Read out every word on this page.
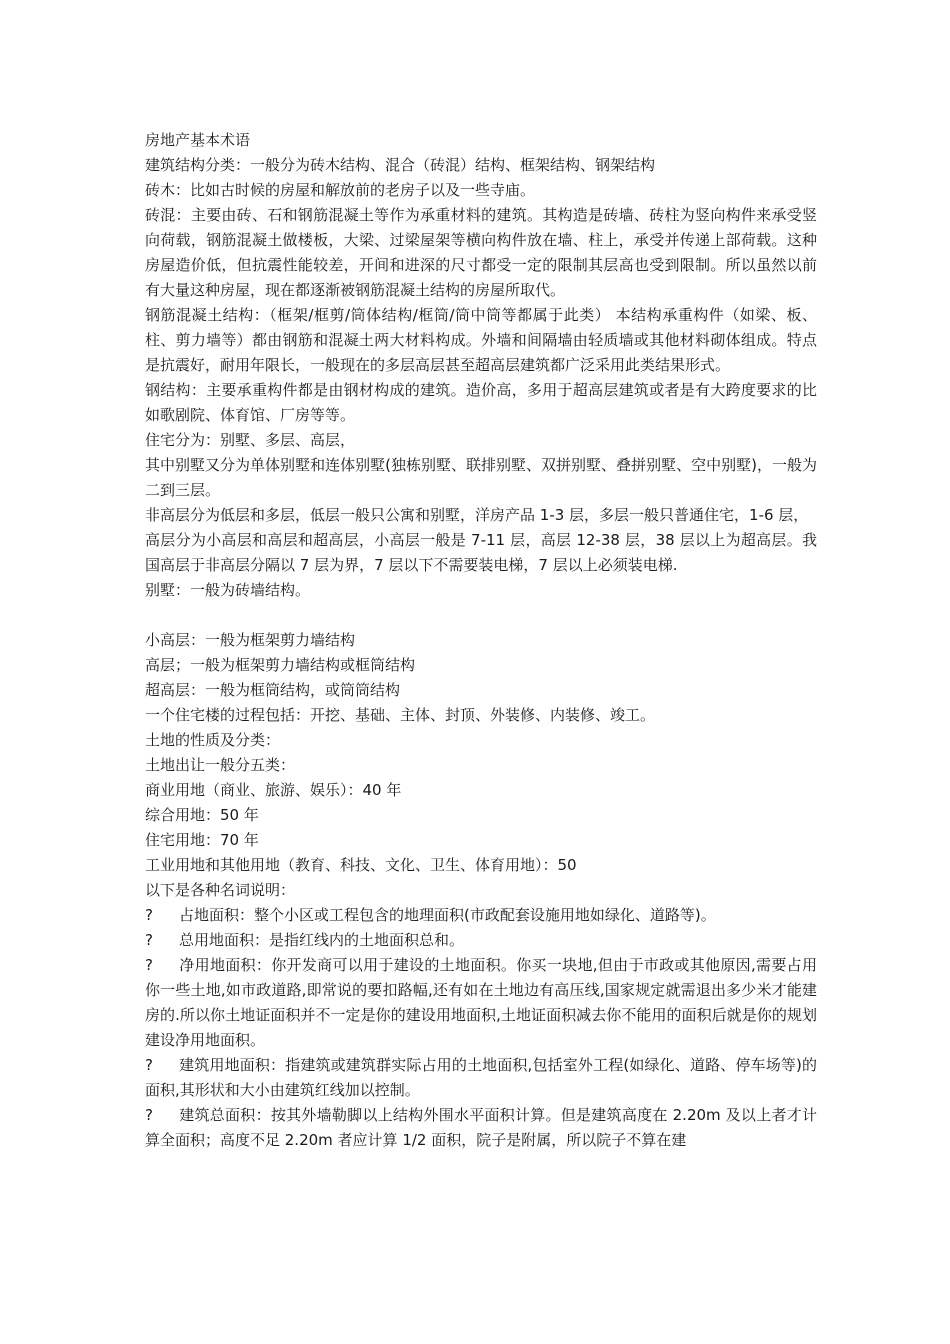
房地产基本术语

建筑结构分类：一般分为砖木结构、混合（砖混）结构、框架结构、钢架结构

砖木：比如古时候的房屋和解放前的老房子以及一些寺庙。

砖混：主要由砖、石和钢筋混凝土等作为承重材料的建筑。其构造是砖墙、砖柱为竖向构件来承受竖向荷载，钢筋混凝土做楼板，大梁、过梁屋架等横向构件放在墙、柱上，承受并传递上部荷载。这种房屋造价低，但抗震性能较差，开间和进深的尺寸都受一定的限制其层高也受到限制。所以虽然以前有大量这种房屋，现在都逐渐被钢筋混凝土结构的房屋所取代。

钢筋混凝土结构：（框架/框剪/筒体结构/框筒/筒中筒等都属于此类） 本结构承重构件（如梁、板、柱、剪力墙等）都由钢筋和混凝土两大材料构成。外墙和间隔墙由轻质墙或其他材料砌体组成。特点是抗震好，耐用年限长，一般现在的多层高层甚至超高层建筑都广泛采用此类结果形式。

钢结构：主要承重构件都是由钢材构成的建筑。造价高，多用于超高层建筑或者是有大跨度要求的比如歌剧院、体育馆、厂房等等。

住宅分为：别墅、多层、高层，

其中别墅又分为单体别墅和连体别墅(独栋别墅、联排别墅、双拼别墅、叠拼别墅、空中别墅)，一般为二到三层。

非高层分为低层和多层，低层一般只公寓和别墅，洋房产品 1-3 层，多层一般只普通住宅，1-6 层，

高层分为小高层和高层和超高层，小高层一般是 7-11 层，高层 12-38 层，38 层以上为超高层。我国高层于非高层分隔以 7 层为界，7 层以下不需要装电梯，7 层以上必须装电梯.

别墅：一般为砖墙结构。

小高层：一般为框架剪力墙结构

高层；一般为框架剪力墙结构或框筒结构

超高层：一般为框筒结构，或筒筒结构

一个住宅楼的过程包括：开挖、基础、主体、封顶、外装修、内装修、竣工。

土地的性质及分类：

土地出让一般分五类：

商业用地（商业、旅游、娱乐）：40 年

综合用地：50 年

住宅用地：70 年

工业用地和其他用地（教育、科技、文化、卫生、体育用地）：50

以下是各种名词说明：

? 占地面积：整个小区或工程包含的地理面积(市政配套设施用地如绿化、道路等)。

? 总用地面积：是指红线内的土地面积总和。

? 净用地面积：你开发商可以用于建设的土地面积。你买一块地,但由于市政或其他原因,需要占用你一些土地,如市政道路,即常说的要扣路幅,还有如在土地边有高压线,国家规定就需退出多少米才能建房的.所以你土地证面积并不一定是你的建设用地面积,土地证面积减去你不能用的面积后就是你的规划建设净用地面积。

? 建筑用地面积：指建筑或建筑群实际占用的土地面积,包括室外工程(如绿化、道路、停车场等)的面积,其形状和大小由建筑红线加以控制。

? 建筑总面积：按其外墙勒脚以上结构外围水平面积计算。但是建筑高度在 2.20m 及以上者才计算全面积；高度不足 2.20m 者应计算 1/2 面积，院子是附属，所以院子不算在建
